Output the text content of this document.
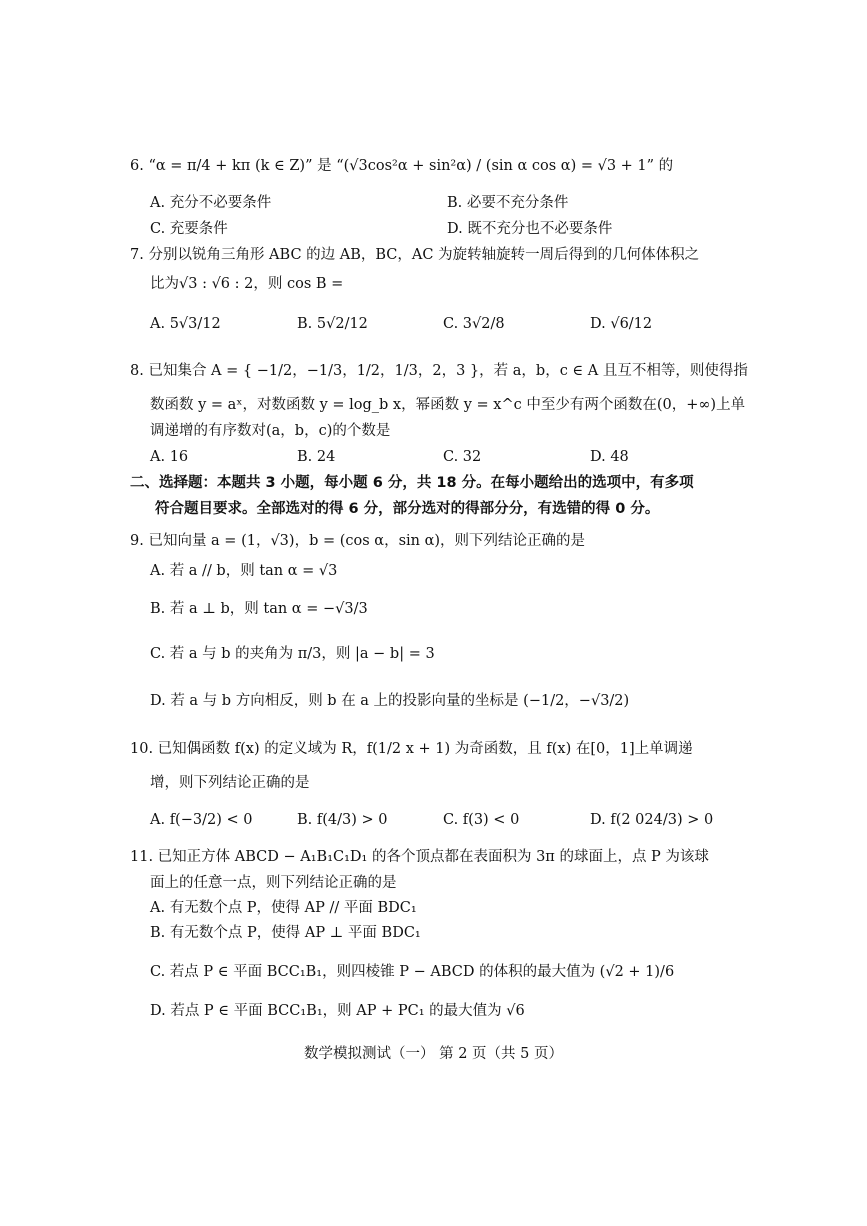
6. “α = π/4 + kπ (k ∈ Z)” 是 “(√3cos²α + sin²α) / (sin α cos α) = √3 + 1” 的
A. 充分不必要条件	B. 必要不充分条件
C. 充要条件	D. 既不充分也不必要条件
7. 分别以锐角三角形 ABC 的边 AB，BC，AC 为旋转轴旋转一周后得到的几何体体积之
比为√3 : √6 : 2，则 cos B =
A. 5√3/12	B. 5√2/12	C. 3√2/8	D. √6/12
8. 已知集合 A = { −1/2，−1/3，1/2，1/3，2，3 }，若 a，b，c ∈ A 且互不相等，则使得指
数函数 y = aˣ，对数函数 y = log_b x，幂函数 y = x^c 中至少有两个函数在(0，+∞)上单
调递增的有序数对(a，b，c)的个数是
A. 16	B. 24	C. 32	D. 48
二、选择题：本题共 3 小题，每小题 6 分，共 18 分。在每小题给出的选项中，有多项
符合题目要求。全部选对的得 6 分，部分选对的得部分分，有选错的得 0 分。
9. 已知向量 a = (1，√3)，b = (cos α，sin α)，则下列结论正确的是
A. 若 a // b，则 tan α = √3
B. 若 a ⊥ b，则 tan α = −√3/3
C. 若 a 与 b 的夹角为 π/3，则 |a − b| = 3
D. 若 a 与 b 方向相反，则 b 在 a 上的投影向量的坐标是 (−1/2，−√3/2)
10. 已知偶函数 f(x) 的定义域为 R，f(1/2 x + 1) 为奇函数，且 f(x) 在[0，1]上单调递
增，则下列结论正确的是
A. f(−3/2) < 0	B. f(4/3) > 0	C. f(3) < 0	D. f(2 024/3) > 0
11. 已知正方体 ABCD − A₁B₁C₁D₁ 的各个顶点都在表面积为 3π 的球面上，点 P 为该球
面上的任意一点，则下列结论正确的是
A. 有无数个点 P，使得 AP // 平面 BDC₁
B. 有无数个点 P，使得 AP ⊥ 平面 BDC₁
C. 若点 P ∈ 平面 BCC₁B₁，则四棱锥 P − ABCD 的体积的最大值为 (√2 + 1)/6
D. 若点 P ∈ 平面 BCC₁B₁，则 AP + PC₁ 的最大值为 √6
数学模拟测试（一） 第 2 页（共 5 页）
